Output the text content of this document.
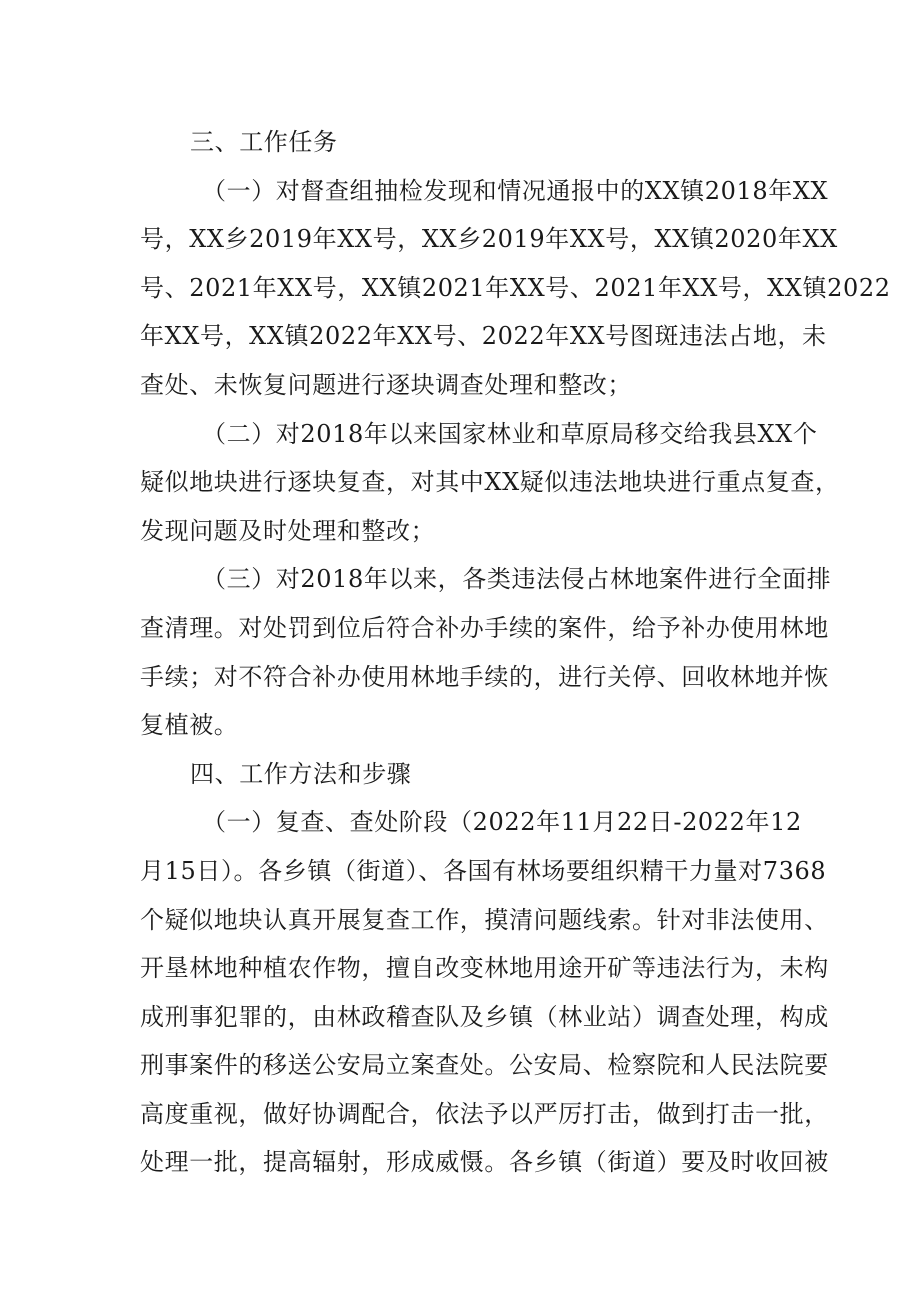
三、工作任务

（一）对督查组抽检发现和情况通报中的XX镇2018年XX
号，XX乡2019年XX号，XX乡2019年XX号，XX镇2020年XX
号、2021年XX号，XX镇2021年XX号、2021年XX号，XX镇2022
年XX号，XX镇2022年XX号、2022年XX号图斑违法占地，未
查处、未恢复问题进行逐块调查处理和整改；
（二）对2018年以来国家林业和草原局移交给我县XX个
疑似地块进行逐块复查，对其中XX疑似违法地块进行重点复查，
发现问题及时处理和整改；
（三）对2018年以来，各类违法侵占林地案件进行全面排
查清理。对处罚到位后符合补办手续的案件，给予补办使用林地
手续；对不符合补办使用林地手续的，进行关停、回收林地并恢
复植被。

四、工作方法和步骤

（一）复查、查处阶段（2022年11月22日-2022年12
月15日）。各乡镇（街道）、各国有林场要组织精干力量对7368
个疑似地块认真开展复查工作，摸清问题线索。针对非法使用、
开垦林地种植农作物，擅自改变林地用途开矿等违法行为，未构
成刑事犯罪的，由林政稽查队及乡镇（林业站）调查处理，构成
刑事案件的移送公安局立案查处。公安局、检察院和人民法院要
高度重视，做好协调配合，依法予以严厉打击，做到打击一批，
处理一批，提高辐射，形成威慑。各乡镇（街道）要及时收回被
